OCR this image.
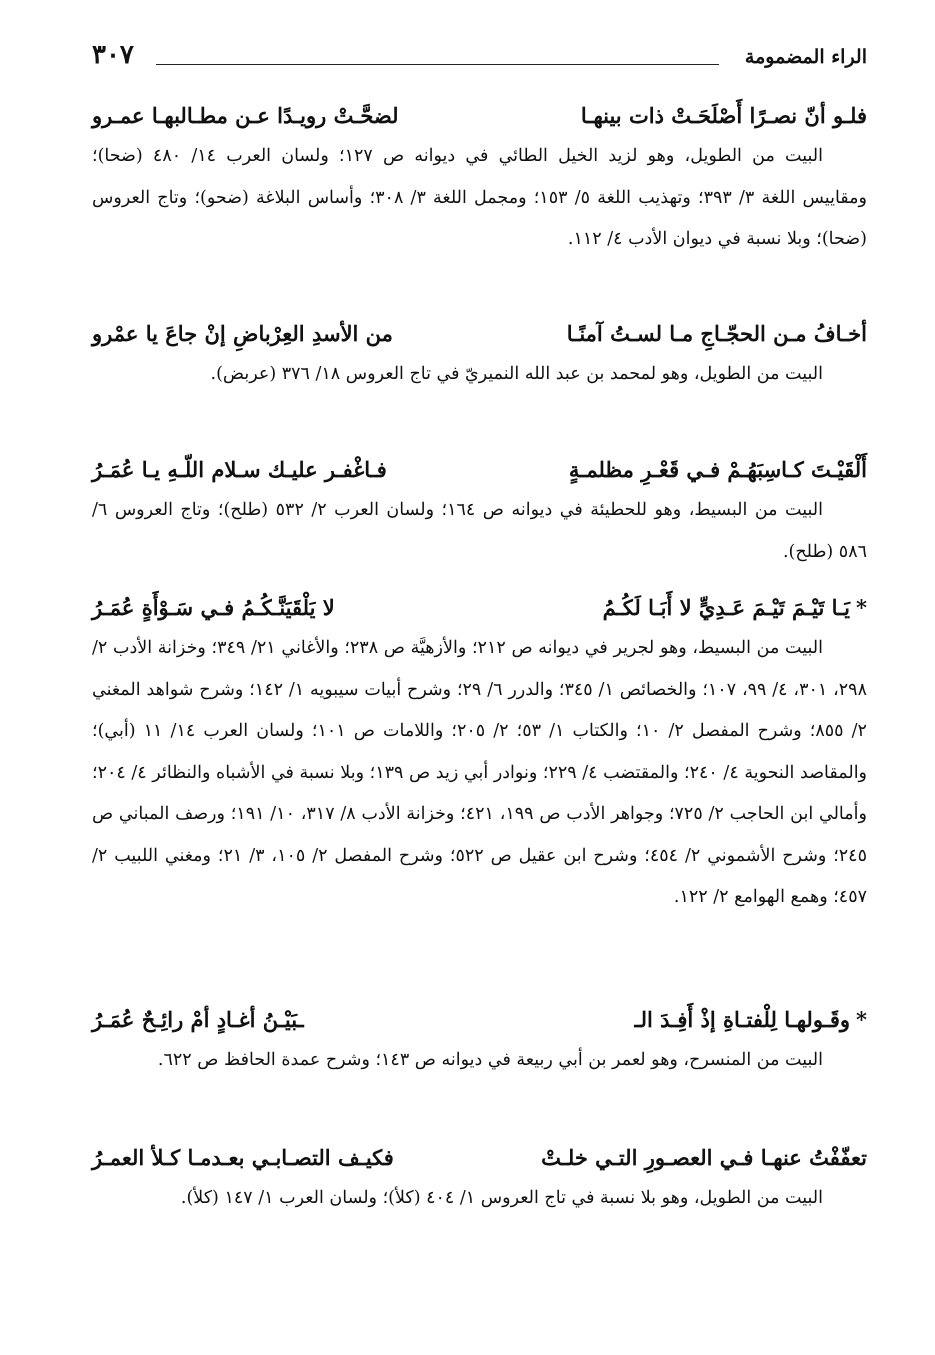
الراء المضمومة
٣٠٧
فلـو أنّ نصـرًا أَصْلَحَـتْ ذات بينهـا
لضحَّـتْ رويـدًا عـن مطـالبهـا عمـرو

البيت من الطويل، وهو لزيد الخيل الطائي في ديوانه ص ١٢٧؛ ولسان العرب ١٤/ ٤٨٠ (ضحا)؛ ومقاييس اللغة ٣/ ٣٩٣؛ وتهذيب اللغة ٥/ ١٥٣؛ ومجمل اللغة ٣/ ٣٠٨؛ وأساس البلاغة (ضحو)؛ وتاج العروس (ضحا)؛ وبلا نسبة في ديوان الأدب ٤/ ١١٢.

أخـافُ مـن الحجّـاجِ مـا لسـتُ آمنًـا
من الأسدِ العِرْباضِ إنْ جاعَ يا عمْرو

البيت من الطويل، وهو لمحمد بن عبد الله النميريّ في تاج العروس ١٨/ ٣٧٦ (عربض).

أَلْقَيْـتَ كـاسِبَهُـمْ فـي قَعْـرِ مظلمـةٍ
فـاغْفـر عليـك سـلام اللّـهِ يـا عُمَـرُ

البيت من البسيط، وهو للحطيئة في ديوانه ص ١٦٤؛ ولسان العرب ٢/ ٥٣٢ (طلح)؛ وتاج العروس ٦/ ٥٨٦ (طلح).

*يَـا تَيْـمَ تَيْـمَ عَـدِيٍّ لا أَبَـا لَكُـمُ
لا يَلْقَيَنَّـكُـمُ فـي سَـوْأَةٍ عُمَـرُ

البيت من البسيط، وهو لجرير في ديوانه ص ٢١٢؛ والأزهيَّة ص ٢٣٨؛ والأغاني ٢١/ ٣٤٩؛ وخزانة الأدب ٢/ ٢٩٨، ٣٠١، ٤/ ٩٩، ١٠٧؛ والخصائص ١/ ٣٤٥؛ والدرر ٦/ ٢٩؛ وشرح أبيات سيبويه ١/ ١٤٢؛ وشرح شواهد المغني ٢/ ٨٥٥؛ وشرح المفصل ٢/ ١٠؛ والكتاب ١/ ٥٣؛ ٢/ ٢٠٥؛ واللامات ص ١٠١؛ ولسان العرب ١٤/ ١١ (أبي)؛ والمقاصد النحوية ٤/ ٢٤٠؛ والمقتضب ٤/ ٢٢٩؛ ونوادر أبي زيد ص ١٣٩؛ وبلا نسبة في الأشباه والنظائر ٤/ ٢٠٤؛ وأمالي ابن الحاجب ٢/ ٧٢٥؛ وجواهر الأدب ص ١٩٩، ٤٢١؛ وخزانة الأدب ٨/ ٣١٧، ١٠/ ١٩١؛ ورصف المباني ص ٢٤٥؛ وشرح الأشموني ٢/ ٤٥٤؛ وشرح ابن عقيل ص ٥٢٢؛ وشرح المفصل ٢/ ١٠٥، ٣/ ٢١؛ ومغني اللبيب ٢/ ٤٥٧؛ وهمع الهوامع ٢/ ١٢٢.

*وقَـولهـا لِلْفتـاةِ إذْ أَفِـدَ الـ
ـبَيْـنُ أغـادٍ أمْ رائِـحٌ عُمَـرُ

البيت من المنسرح، وهو لعمر بن أبي ربيعة في ديوانه ص ١٤٣؛ وشرح عمدة الحافظ ص ٦٢٢.

تعفّفْتُ عنهـا فـي العصـورِ التـي خلـتْ
فكيـف التصـابـي بعـدمـا كـلأ العمـرُ

البيت من الطويل، وهو بلا نسبة في تاج العروس ١/ ٤٠٤ (كلأ)؛ ولسان العرب ١/ ١٤٧ (كلأ).
